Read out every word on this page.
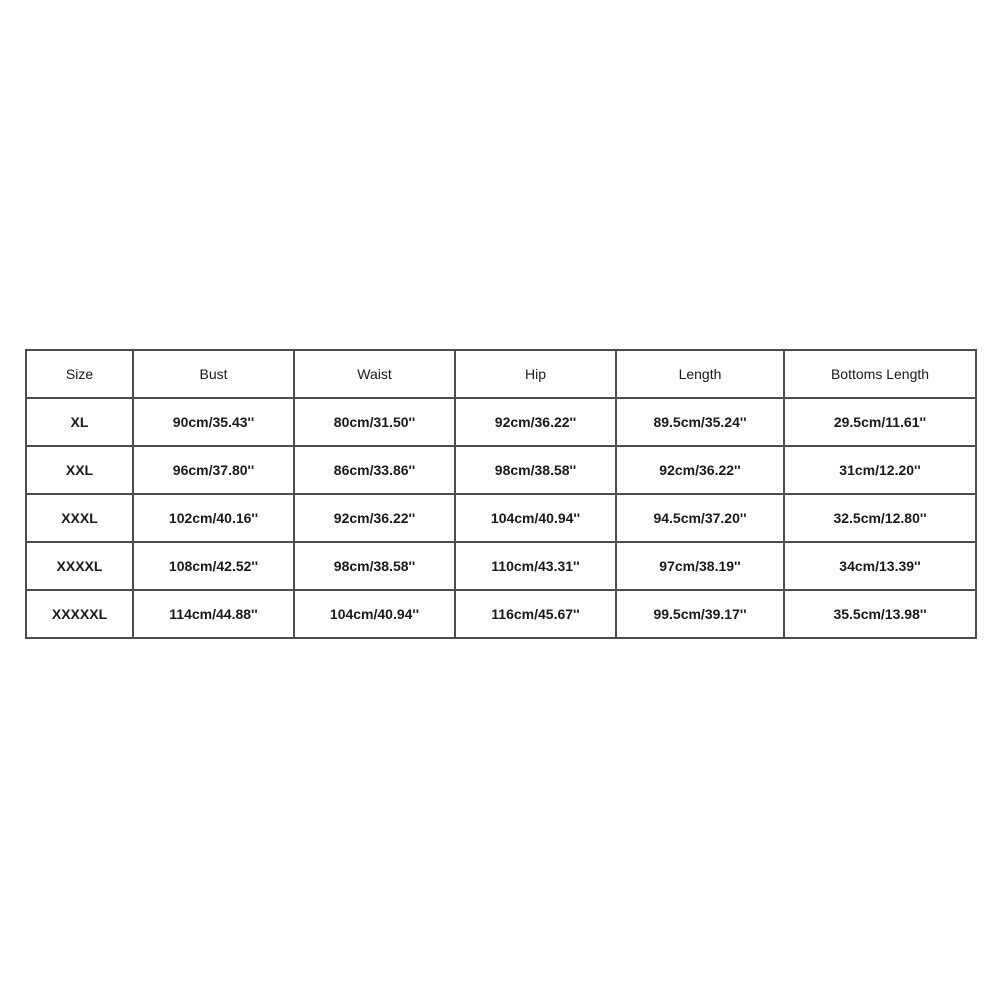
Size	Bust	Waist	Hip	Length	Bottoms Length
XL	90cm/35.43''	80cm/31.50''	92cm/36.22''	89.5cm/35.24''	29.5cm/11.61''
XXL	96cm/37.80''	86cm/33.86''	98cm/38.58''	92cm/36.22''	31cm/12.20''
XXXL	102cm/40.16''	92cm/36.22''	104cm/40.94''	94.5cm/37.20''	32.5cm/12.80''
XXXXL	108cm/42.52''	98cm/38.58''	110cm/43.31''	97cm/38.19''	34cm/13.39''
XXXXXL	114cm/44.88''	104cm/40.94''	116cm/45.67''	99.5cm/39.17''	35.5cm/13.98''
